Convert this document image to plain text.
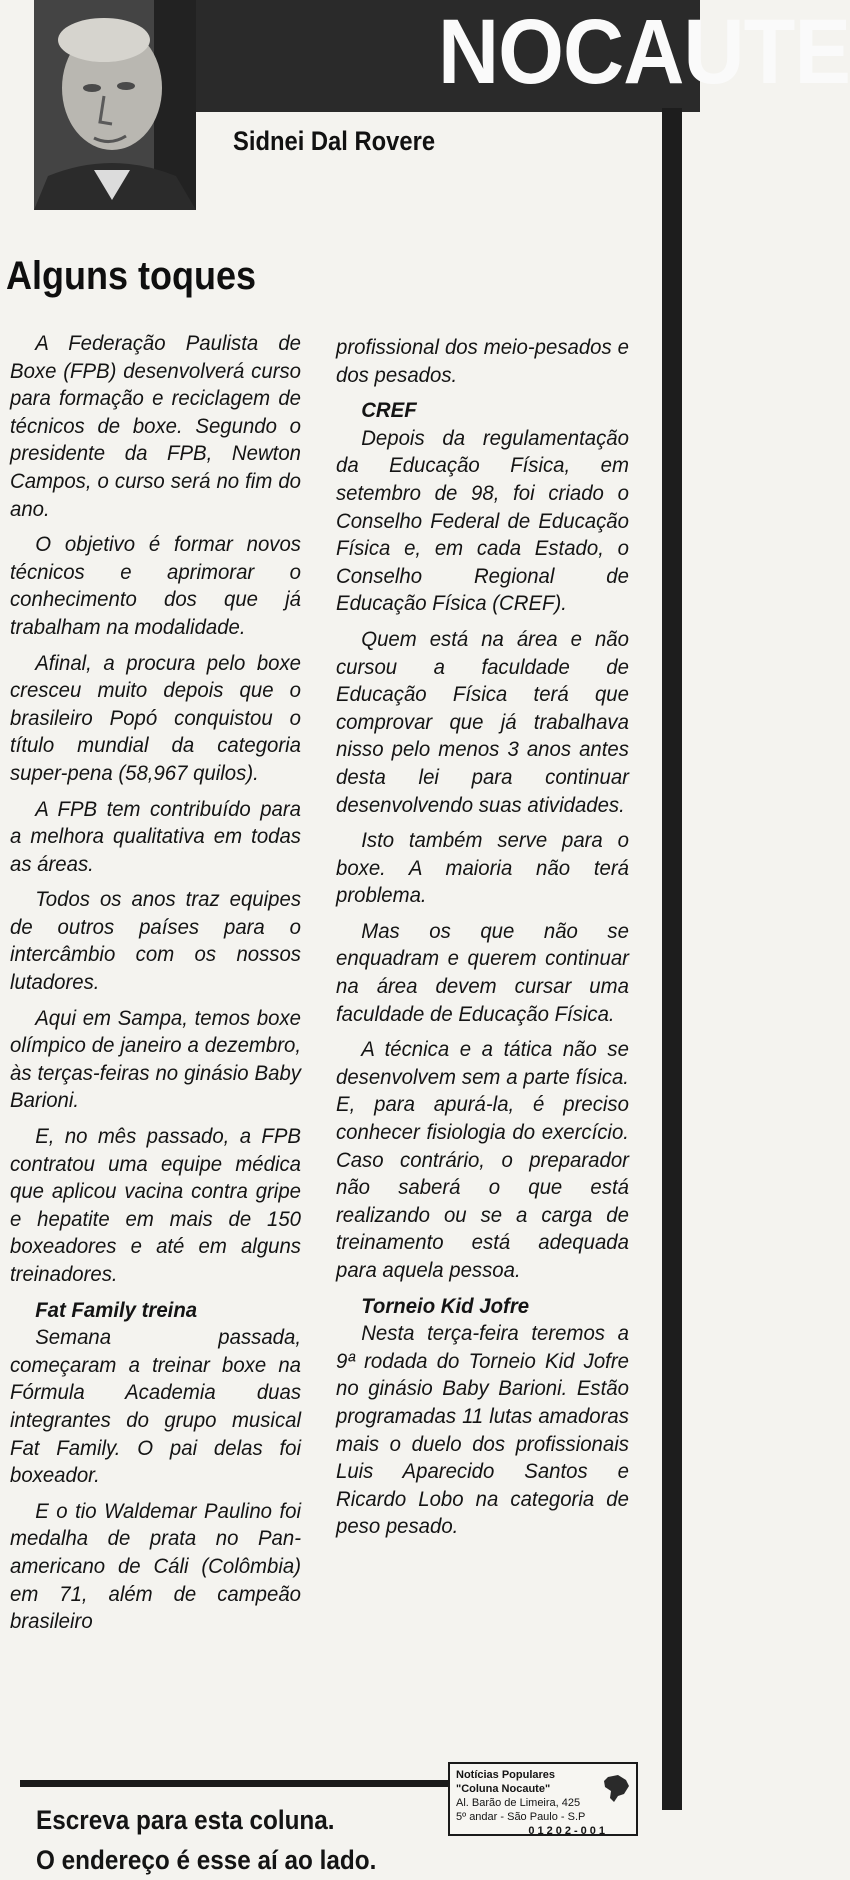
NOCAUTE
Sidnei Dal Rovere
Alguns toques

A Federação Paulista de Boxe (FPB) desenvolverá curso para formação e reciclagem de técnicos de boxe. Segundo o presidente da FPB, Newton Campos, o curso será no fim do ano.

O objetivo é formar novos técnicos e aprimorar o conhecimento dos que já trabalham na modalidade.

Afinal, a procura pelo boxe cresceu muito depois que o brasileiro Popó conquistou o título mundial da categoria super-pena (58,967 quilos).

A FPB tem contribuído para a melhora qualitativa em todas as áreas.

Todos os anos traz equipes de outros países para o intercâmbio com os nossos lutadores.

Aqui em Sampa, temos boxe olímpico de janeiro a dezembro, às terças-feiras no ginásio Baby Barioni.

E, no mês passado, a FPB contratou uma equipe médica que aplicou vacina contra gripe e hepatite em mais de 150 boxeadores e até em alguns treinadores.

Fat Family treina

Semana passada, começaram a treinar boxe na Fórmula Academia duas integrantes do grupo musical Fat Family. O pai delas foi boxeador.

E o tio Waldemar Paulino foi medalha de prata no Pan-americano de Cáli (Colômbia) em 71, além de campeão brasileiro

profissional dos meio-pesados e dos pesados.

CREF

Depois da regulamentação da Educação Física, em setembro de 98, foi criado o Conselho Federal de Educação Física e, em cada Estado, o Conselho Regional de Educação Física (CREF).

Quem está na área e não cursou a faculdade de Educação Física terá que comprovar que já trabalhava nisso pelo menos 3 anos antes desta lei para continuar desenvolvendo suas atividades.

Isto também serve para o boxe. A maioria não terá problema.

Mas os que não se enquadram e querem continuar na área devem cursar uma faculdade de Educação Física.

A técnica e a tática não se desenvolvem sem a parte física. E, para apurá-la, é preciso conhecer fisiologia do exercício. Caso contrário, o preparador não saberá o que está realizando ou se a carga de treinamento está adequada para aquela pessoa.

Torneio Kid Jofre

Nesta terça-feira teremos a 9ª rodada do Torneio Kid Jofre no ginásio Baby Barioni. Estão programadas 11 lutas amadoras mais o duelo dos profissionais Luis Aparecido Santos e Ricardo Lobo na categoria de peso pesado.

Escreva para esta coluna.
O endereço é esse aí ao lado.
Notícias Populares
"Coluna Nocaute"
Al. Barão de Limeira, 425
5º andar - São Paulo - S.P
01202-001
